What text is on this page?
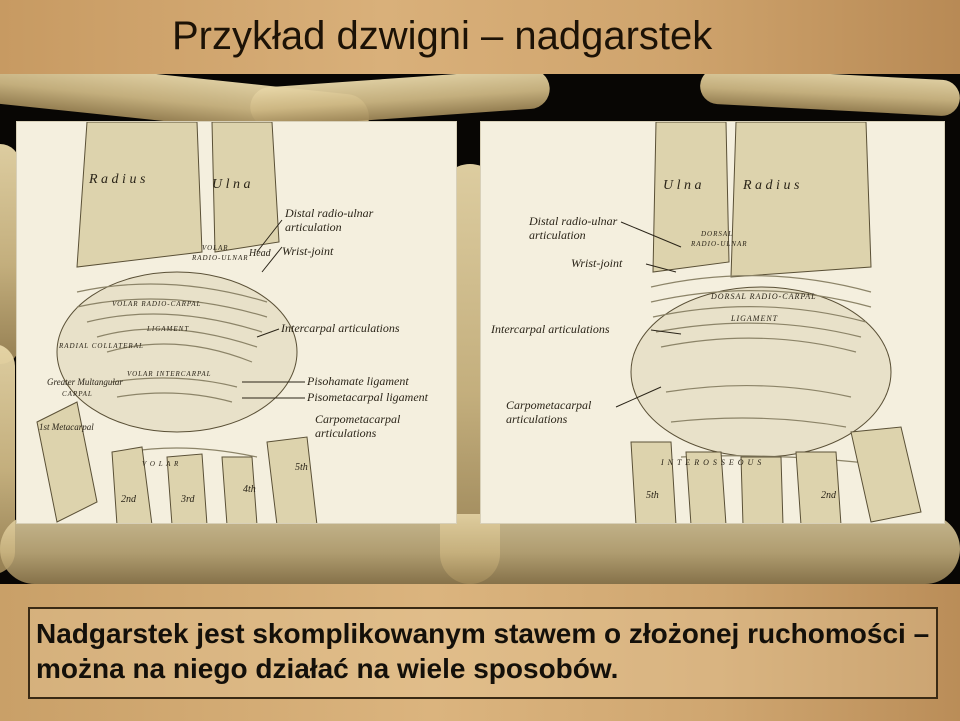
Przykład dzwigni – nadgarstek
R a d i u s	U l n a
VOLAR
RADIO-ULNAR Head
VOLAR RADIO-CARPAL
LIGAMENT
RADIAL COLLATERAL
VOLAR INTERCARPAL
CARPAL
Greater Multangular
1st Metacarpal
V O L A R
2nd	3rd
4th
5th
Distal radio-ulnar articulation
Wrist-joint
Intercarpal articulations
Pisohamate ligament
Pisometacarpal ligament
Carpometacarpal articulations
U l n a	R a d i u s
DORSAL
RADIO-ULNAR
DORSAL RADIO-CARPAL
LIGAMENT
I N T E R O S S E O U S
2nd
5th
Distal radio-ulnar articulation
Wrist-joint
Intercarpal articulations
Carpometacarpal articulations
Nadgarstek jest skomplikowanym stawem o złożonej ruchomości – można na niego działać na wiele sposobów.
